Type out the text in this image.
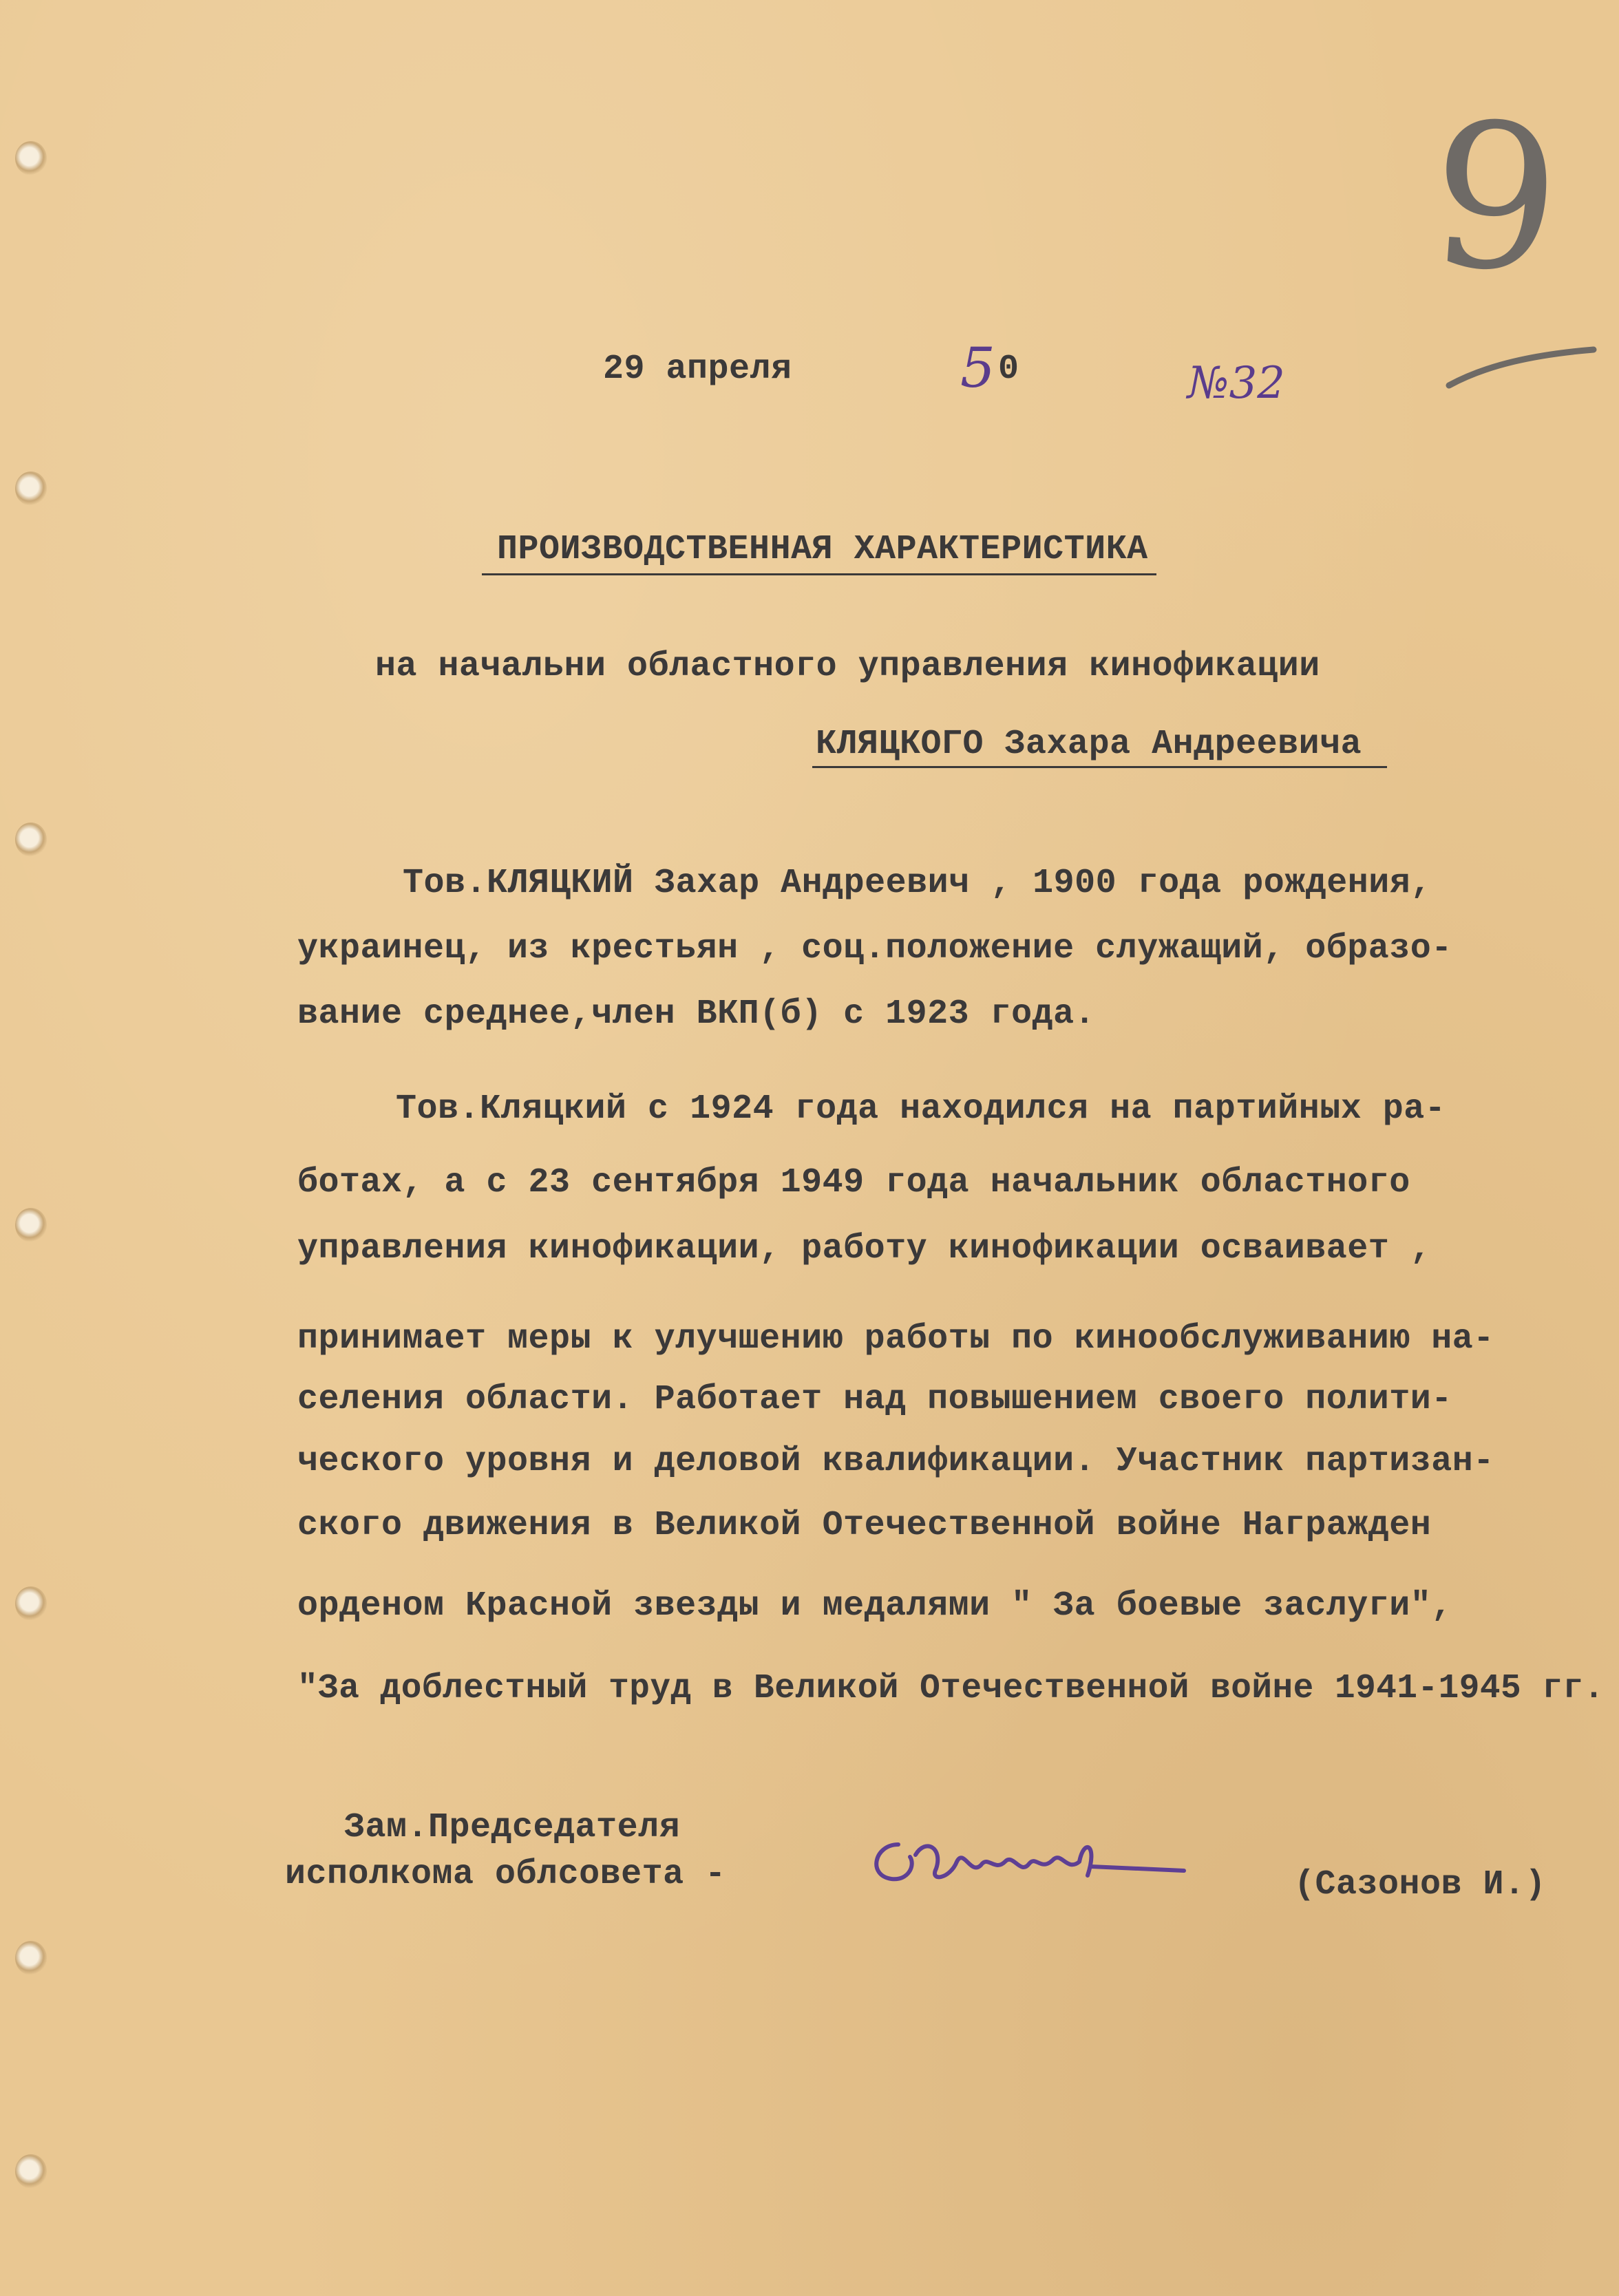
9
29 апреля	5 0	№32
ПРОИЗВОДСТВЕННАЯ ХАРАКТЕРИСТИКА
на начальни областного управления кинофикации
КЛЯЦКОГО Захара Андреевича
Тов.КЛЯЦКИЙ Захар Андреевич , 1900 года рождения,
украинец, из крестьян , соц.положение служащий, образо-
вание среднее,член ВКП(б) с 1923 года.
Тов.Кляцкий с 1924 года находился на партийных ра-
ботах, а с 23 сентября 1949 года начальник областного
управления кинофикации, работу кинофикации осваивает ,
принимает меры к улучшению работы по кинообслуживанию на-
селения области. Работает над повышением своего полити-
ческого уровня и деловой квалификации. Участник партизан-
ского движения в Великой Отечественной войне Награжден
орденом Красной звезды и медалями " За боевые заслуги",
"За доблестный труд в Великой Отечественной войне 1941-1945 гг.
Зам.Председателя
исполкома облсовета -	(Сазонов И.)
